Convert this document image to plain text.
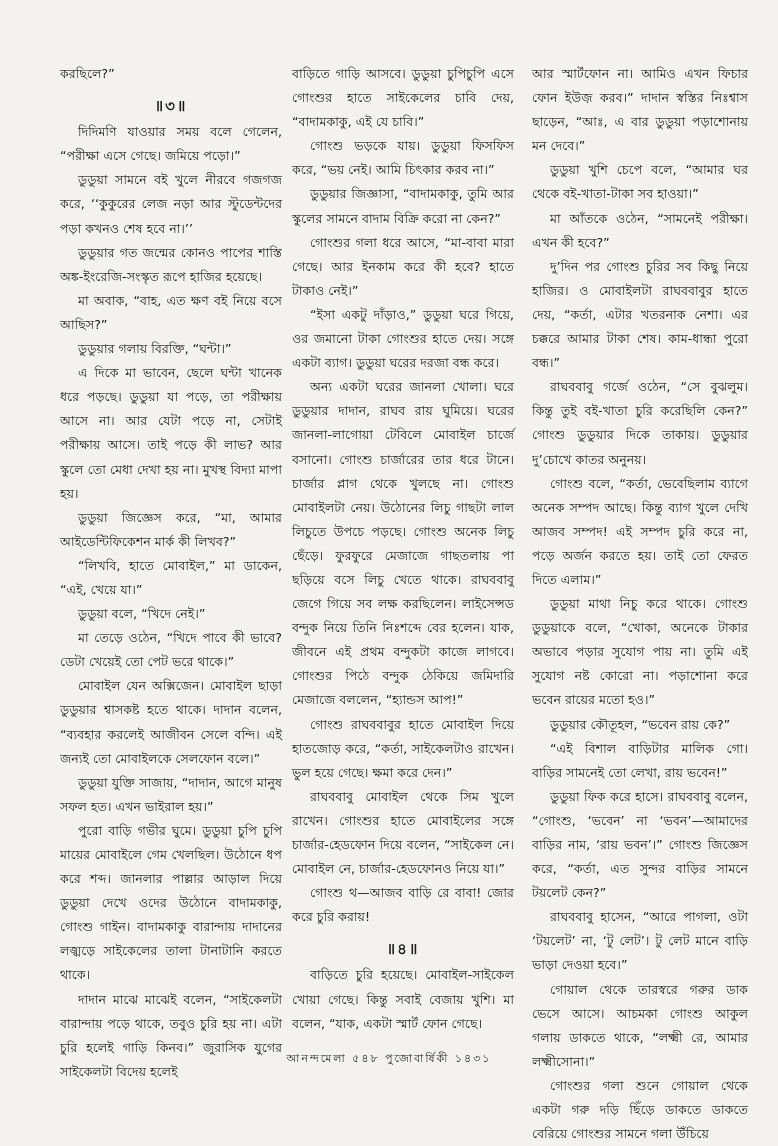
করছিলে?”

॥৩॥

দিদিমণি যাওয়ার সময় বলে গেলেন, “পরীক্ষা এসে গেছে। জমিয়ে পড়ো।”

ডুডুয়া সামনে বই খুলে নীরবে গজগজ করে, ‘‘কুকুরের লেজ নড়া আর স্টুডেন্টদের পড়া কখনও শেষ হবে না।’’

ডুডুয়ার গত জন্মের কোনও পাপের শাস্তি অঙ্ক-ইংরেজি-সংস্কৃত রূপে হাজির হয়েছে।

মা অবাক, “বাহ, এত ক্ষণ বই নিয়ে বসে আছিস?”

ডুডুয়ার গলায় বিরক্তি, “ঘন্টা।”

এ দিকে মা ভাবেন, ছেলে ঘন্টা খানেক ধরে পড়ছে। ডুডুয়া যা পড়ে, তা পরীক্ষায় আসে না। আর যেটা পড়ে না, সেটাই পরীক্ষায় আসে। তাই পড়ে কী লাভ? আর স্কুলে তো মেধা দেখা হয় না। মুখস্থ বিদ্যা মাপা হয়।

ডুডুয়া জিজ্ঞেস করে, “মা, আমার আইডেন্টিফিকেশন মার্ক কী লিখব?”

“লিখবি, হাতে মোবাইল,” মা ডাকেন, “এই, খেয়ে যা।”

ডুডুয়া বলে, “খিদে নেই।”

মা তেড়ে ওঠেন, “খিদে পাবে কী ভাবে? ডেটা খেয়েই তো পেট ভরে থাকে।”

মোবাইল যেন অক্সিজেন। মোবাইল ছাড়া ডুডুয়ার শ্বাসকষ্ট হতে থাকে। দাদান বলেন, “ব্যবহার করলেই আজীবন সেলে বন্দি। এই জন্যই তো মোবাইলকে সেলফোন বলে।”

ডুডুয়া যুক্তি সাজায়, “দাদান, আগে মানুষ সফল হত। এখন ভাইরাল হয়।”

পুরো বাড়ি গভীর ঘুমে। ডুডুয়া চুপি চুপি মায়ের মোবাইলে গেম খেলছিল। উঠোনে ধপ করে শব্দ। জানলার পাল্লার আড়াল দিয়ে ডুডুয়া দেখে ওদের উঠোনে বাদামকাকু, গোংশু গাইন। বাদামকাকু বারান্দায় দাদানের লজ্ঝড়ে সাইকেলের তালা টানাটানি করতে থাকে।

দাদান মাঝে মাঝেই বলেন, “সাইকেলটা বারান্দায় পড়ে থাকে, তবুও চুরি হয় না। এটা চুরি হলেই গাড়ি কিনব।” জুরাসিক যুগের সাইকেলটা বিদেয় হলেই

বাড়িতে গাড়ি আসবে। ডুডুয়া চুপিচুপি এসে গোংশুর হাতে সাইকেলের চাবি দেয়, “বাদামকাকু, এই যে চাবি।”

গোংশু ভড়কে যায়। ডুডুয়া ফিসফিস করে, “ভয় নেই। আমি চিৎকার করব না।”

ডুডুয়ার জিজ্ঞাসা, “বাদামকাকু, তুমি আর স্কুলের সামনে বাদাম বিক্রি করো না কেন?”

গোংশুর গলা ধরে আসে, “মা-বাবা মারা গেছে। আর ইনকাম করে কী হবে? হাতে টাকাও নেই।”

“ইসা একটু দাঁড়াও,” ডুডুয়া ঘরে গিয়ে, ওর জমানো টাকা গোংশুর হাতে দেয়। সঙ্গে একটা ব্যাগ। ডুডুয়া ঘরের দরজা বন্ধ করে।

অন্য একটা ঘরের জানলা খোলা। ঘরে ডুডুয়ার দাদান, রাঘব রায় ঘুমিয়ে। ঘরের জানলা-লাগোয়া টেবিলে মোবাইল চার্জে বসানো। গোংশু চার্জারের তার ধরে টানে। চার্জার প্লাগ থেকে খুলছে না। গোংশু মোবাইলটা নেয়। উঠোনের লিচু গাছটা লাল লিচুতে উপচে পড়ছে। গোংশু অনেক লিচু ছেঁড়ে। ফুরফুরে মেজাজে গাছতলায় পা ছড়িয়ে বসে লিচু খেতে থাকে। রাঘববাবু জেগে গিয়ে সব লক্ষ করছিলেন। লাইসেন্সড বন্দুক নিয়ে তিনি নিঃশব্দে বের হলেন। যাক, জীবনে এই প্রথম বন্দুকটা কাজে লাগবে। গোংশুর পিঠে বন্দুক ঠেকিয়ে জমিদারি মেজাজে বললেন, “হ্যান্ডস আপ!”

গোংশু রাঘববাবুর হাতে মোবাইল দিয়ে হাতজোড় করে, “কর্তা, সাইকেলটাও রাখেন। ভুল হয়ে গেছে। ক্ষমা করে দেন।”

রাঘববাবু মোবাইল থেকে সিম খুলে রাখেন। গোংশুর হাতে মোবাইলের সঙ্গে চার্জার-হেডফোন দিয়ে বলেন, “সাইকেল নে। মোবাইল নে, চার্জার-হেডফোনও নিয়ে যা।”

গোংশু থ—আজব বাড়ি রে বাবা! জোর করে চুরি করায়!

॥৪॥

বাড়িতে চুরি হয়েছে। মোবাইল-সাইকেল খোয়া গেছে। কিন্তু সবাই বেজায় খুশি। মা বলেন, “যাক, একটা স্মার্ট ফোন গেছে।

আর স্মার্টফোন না। আমিও এখন ফিচার ফোন ইউজ় করব।” দাদান স্বস্তির নিঃশ্বাস ছাড়েন, “আঃ, এ বার ডুডুয়া পড়াশোনায় মন দেবে।”

ডুডুয়া খুশি চেপে বলে, “আমার ঘর থেকে বই-খাতা-টাকা সব হাওয়া।”

মা আঁতকে ওঠেন, “সামনেই পরীক্ষা। এখন কী হবে?”

দু’দিন পর গোংশু চুরির সব কিছু নিয়ে হাজির। ও মোবাইলটা রাঘববাবুর হাতে দেয়, “কর্তা, এটার খতরনাক নেশা। এর চক্করে আমার টাকা শেষ। কাম-ধান্ধা পুরো বন্ধ।”

রাঘববাবু গর্জে ওঠেন, “সে বুঝলুম। কিন্তু তুই বই-খাতা চুরি করেছিলি কেন?” গোংশু ডুডুয়ার দিকে তাকায়। ডুডুয়ার দু’চোখে কাতর অনুনয়।

গোংশু বলে, “কর্তা, ভেবেছিলাম ব্যাগে অনেক সম্পদ আছে। কিন্তু ব্যাগ খুলে দেখি আজব সম্পদ! এই সম্পদ চুরি করে না, পড়ে অর্জন করতে হয়। তাই তো ফেরত দিতে এলাম।”

ডুডুয়া মাথা নিচু করে থাকে। গোংশু ডুডুয়াকে বলে, “খোকা, অনেকে টাকার অভাবে পড়ার সুযোগ পায় না। তুমি এই সুযোগ নষ্ট কোরো না। পড়াশোনা করে ভবেন রায়ের মতো হও।”

ডুডুয়ার কৌতূহল, “ভবেন রায় কে?”

“এই বিশাল বাড়িটার মালিক গো। বাড়ির সামনেই তো লেখা, রায় ভবেন!”

ডুডুয়া ফিক করে হাসে। রাঘববাবু বলেন, “গোংশু, ‘ভবেন’ না ‘ভবন’—আমাদের বাড়ির নাম, ‘রায় ভবন’।” গোংশু জিজ্ঞেস করে, “কর্তা, এত সুন্দর বাড়ির সামনে টয়লেট কেন?”

রাঘববাবু হাসেন, “আরে পাগলা, ওটা ‘টয়লেট’ না, ‘টু লেট’। টু লেট মানে বাড়ি ভাড়া দেওয়া হবে।”

গোয়াল থেকে তারস্বরে গরুর ডাক ভেসে আসে। আচমকা গোংশু আকুল গলায় ডাকতে থাকে, “লক্ষ্মী রে, আমার লক্ষ্মীসোনা।”

গোংশুর গলা শুনে গোয়াল থেকে একটা গরু দড়ি ছিঁড়ে ডাকতে ডাকতে বেরিয়ে গোংশুর সামনে গলা উঁচিয়ে

আনন্দমেলা ৫৪৮ পুজোবার্ষিকী ১৪৩১
